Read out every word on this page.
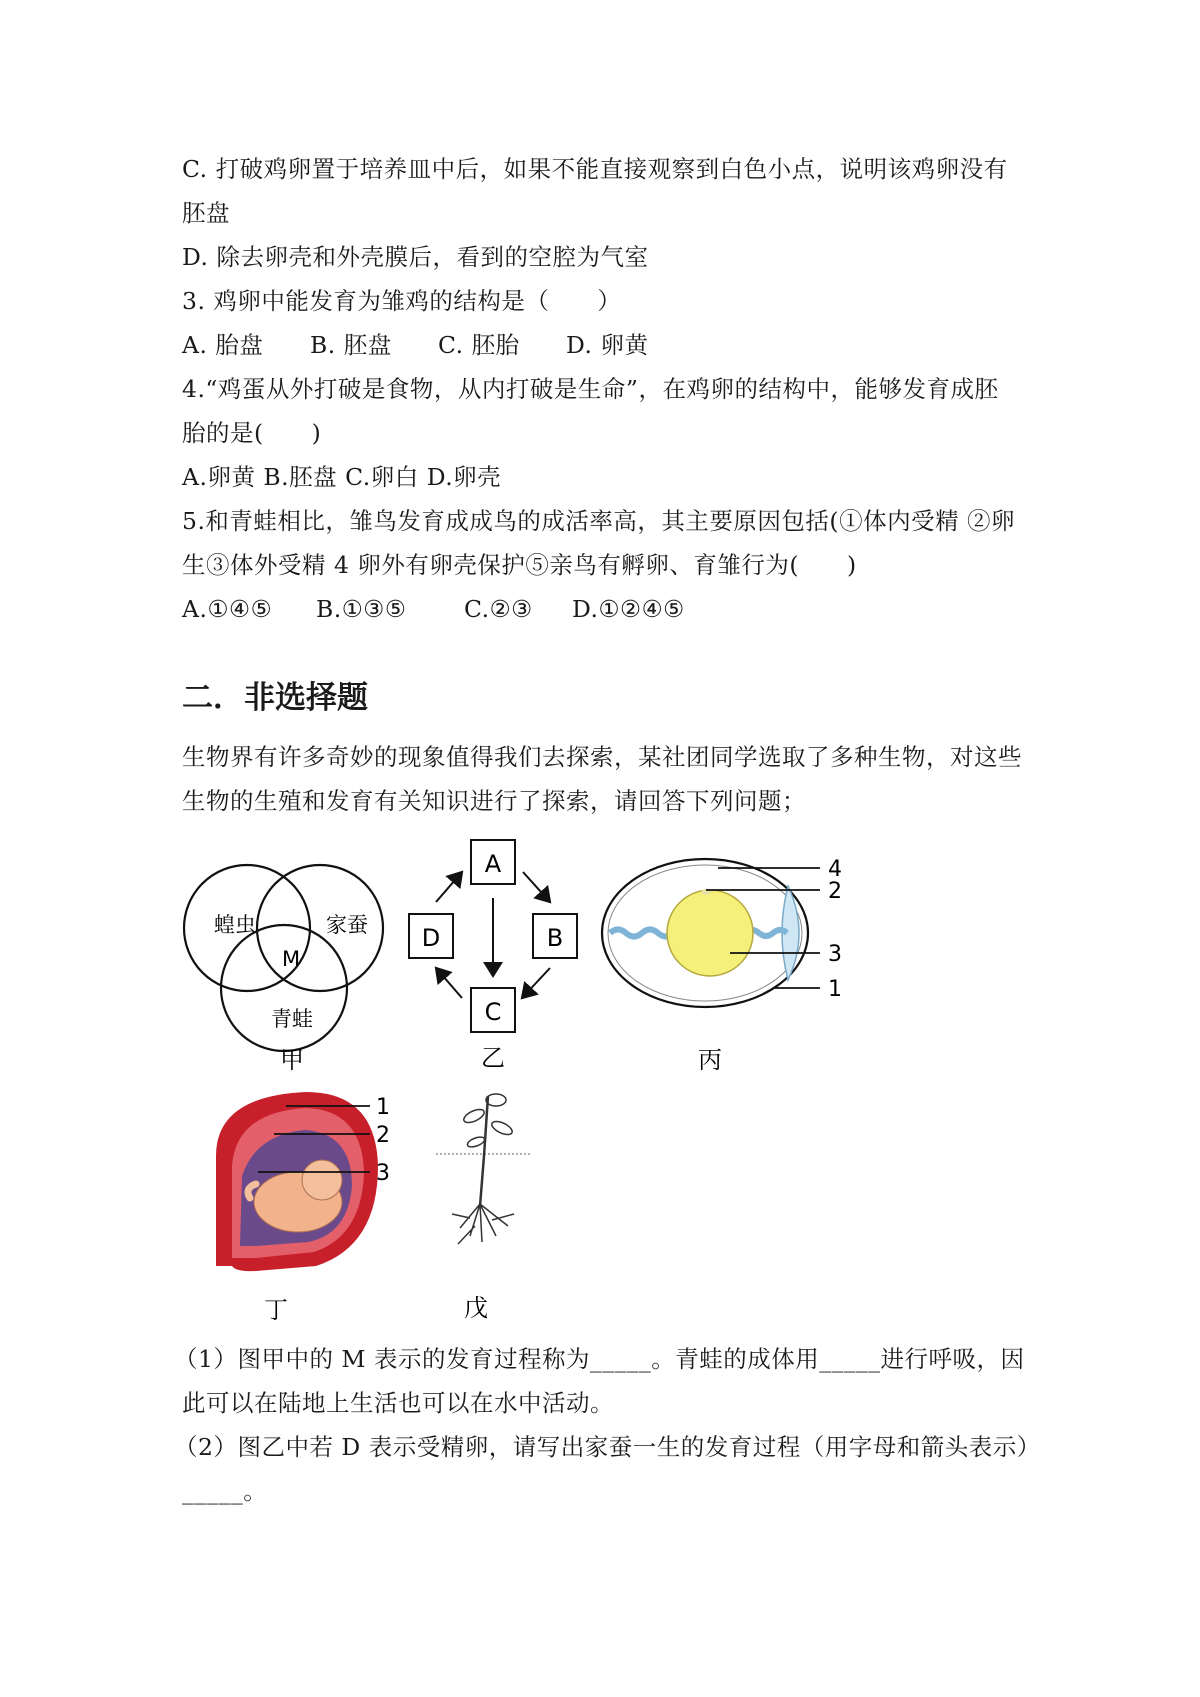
C. 打破鸡卵置于培养皿中后，如果不能直接观察到白色小点，说明该鸡卵没有
胚盘
D. 除去卵壳和外壳膜后，看到的空腔为气室
3. 鸡卵中能发育为雏鸡的结构是（　　）
A. 胎盘 B. 胚盘 C. 胚胎 D. 卵黄
4.“鸡蛋从外打破是食物，从内打破是生命”，在鸡卵的结构中，能够发育成胚
胎的是(　　)
A.卵黄 B.胚盘 C.卵白 D.卵壳
5.和青蛙相比，雏鸟发育成成鸟的成活率高，其主要原因包括(①体内受精 ②卵
生③体外受精 4 卵外有卵壳保护⑤亲鸟有孵卵、育雏行为(　　)
A.①④⑤ B.①③⑤ C.②③ D.①②④⑤
二．非选择题
生物界有许多奇妙的现象值得我们去探索，某社团同学选取了多种生物，对这些
生物的生殖和发育有关知识进行了探索，请回答下列问题；
蝗虫	家蚕
M
青蛙
甲
A
B
C
D
乙
4
2
3
1
丙
1
2
3
丁	戊
（1）图甲中的 M 表示的发育过程称为_____。青蛙的成体用_____进行呼吸，因
此可以在陆地上生活也可以在水中活动。
（2）图乙中若 D 表示受精卵，请写出家蚕一生的发育过程（用字母和箭头表示）
_____。
